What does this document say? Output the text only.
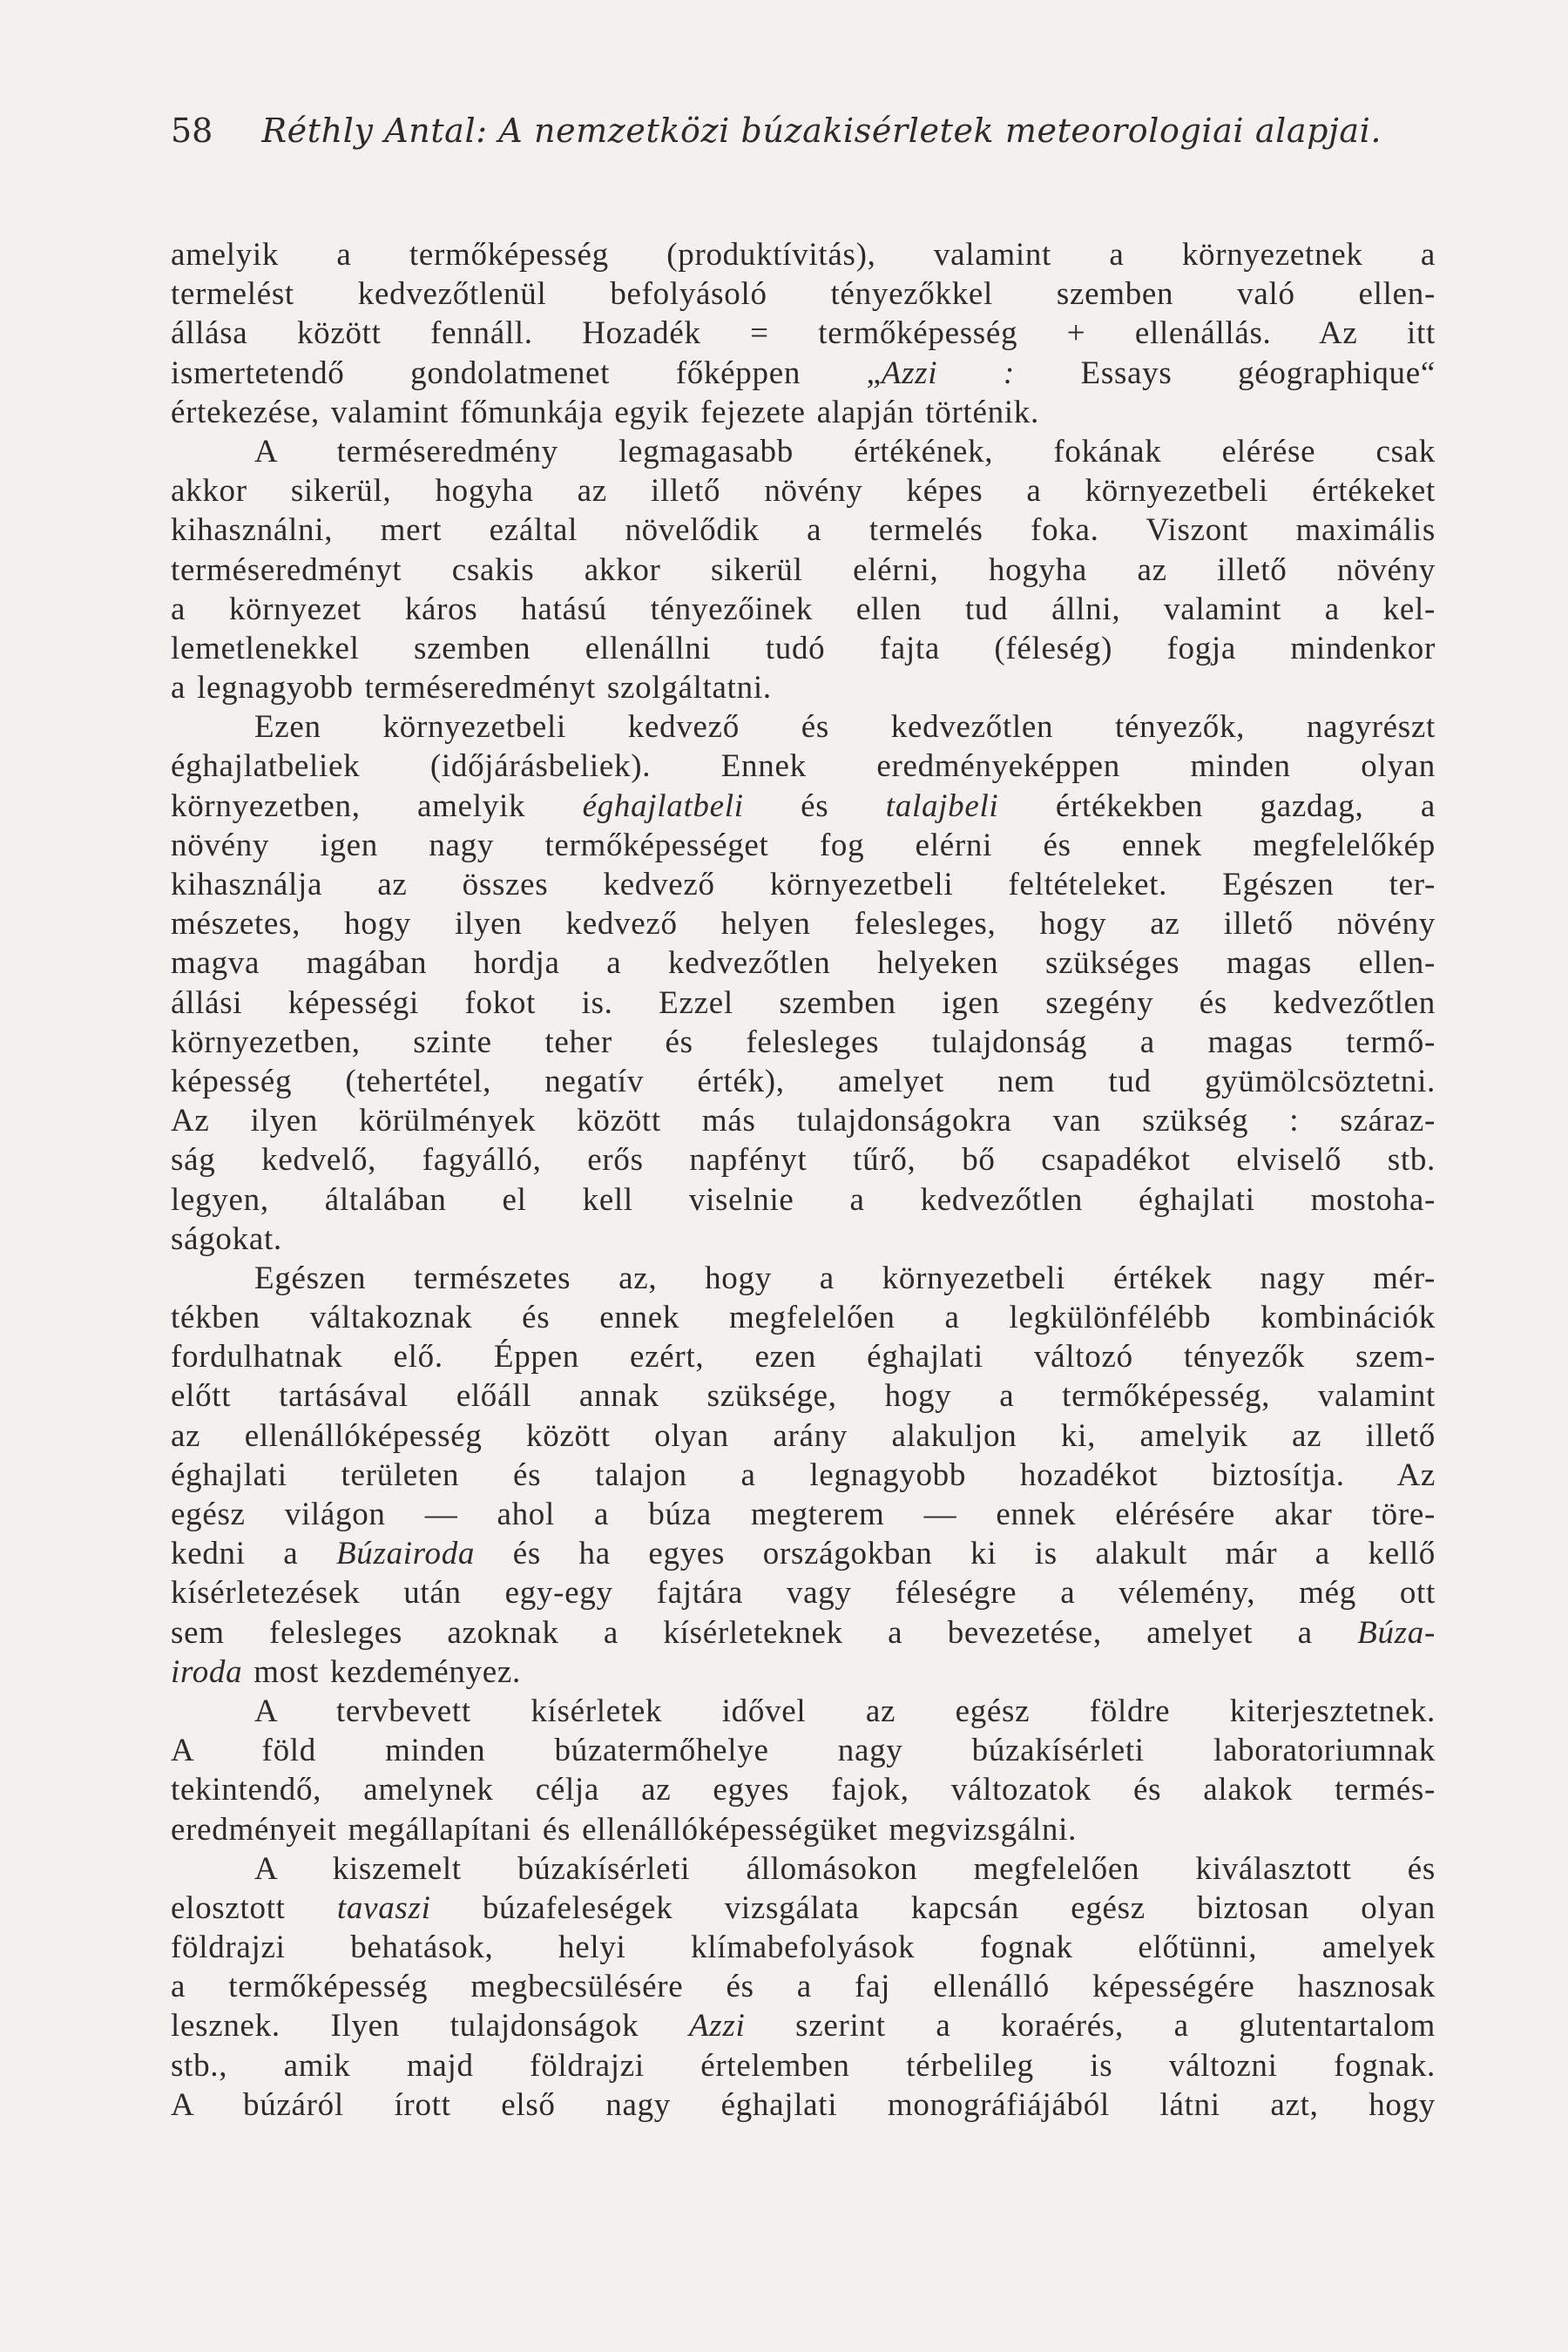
58 Réthly Antal: A nemzetközi búzakisérletek meteorologiai alapjai.
amelyik a termőképesség (produktívitás), valamint a környezetnek a
termelést kedvezőtlenül befolyásoló tényezőkkel szemben való ellen-
állása között fennáll. Hozadék = termőképesség + ellenállás. Az itt
ismertetendő gondolatmenet főképpen „Azzi : Essays géographique“
értekezése, valamint főmunkája egyik fejezete alapján történik.
A terméseredmény legmagasabb értékének, fokának elérése csak
akkor sikerül, hogyha az illető növény képes a környezetbeli értékeket
kihasználni, mert ezáltal növelődik a termelés foka. Viszont maximális
terméseredményt csakis akkor sikerül elérni, hogyha az illető növény
a környezet káros hatású tényezőinek ellen tud állni, valamint a kel-
lemetlenekkel szemben ellenállni tudó fajta (féleség) fogja mindenkor
a legnagyobb terméseredményt szolgáltatni.
Ezen környezetbeli kedvező és kedvezőtlen tényezők, nagyrészt
éghajlatbeliek (időjárásbeliek). Ennek eredményeképpen minden olyan
környezetben, amelyik éghajlatbeli és talajbeli értékekben gazdag, a
növény igen nagy termőképességet fog elérni és ennek megfelelőkép
kihasználja az összes kedvező környezetbeli feltételeket. Egészen ter-
mészetes, hogy ilyen kedvező helyen felesleges, hogy az illető növény
magva magában hordja a kedvezőtlen helyeken szükséges magas ellen-
állási képességi fokot is. Ezzel szemben igen szegény és kedvezőtlen
környezetben, szinte teher és felesleges tulajdonság a magas termő-
képesség (tehertétel, negatív érték), amelyet nem tud gyümölcsöztetni.
Az ilyen körülmények között más tulajdonságokra van szükség : száraz-
ság kedvelő, fagyálló, erős napfényt tűrő, bő csapadékot elviselő stb.
legyen, általában el kell viselnie a kedvezőtlen éghajlati mostoha-
ságokat.
Egészen természetes az, hogy a környezetbeli értékek nagy mér-
tékben váltakoznak és ennek megfelelően a legkülönfélébb kombinációk
fordulhatnak elő. Éppen ezért, ezen éghajlati változó tényezők szem-
előtt tartásával előáll annak szüksége, hogy a termőképesség, valamint
az ellenállóképesség között olyan arány alakuljon ki, amelyik az illető
éghajlati területen és talajon a legnagyobb hozadékot biztosítja. Az
egész világon — ahol a búza megterem — ennek elérésére akar törе-
kedni a Búzairoda és ha egyes országokban ki is alakult már a kellő
kísérletezések után egy-egy fajtára vagy féleségre a vélemény, még ott
sem felesleges azoknak a kísérleteknek a bevezetése, amelyet a Búza-
iroda most kezdeményez.
A tervbevett kísérletek idővel az egész földre kiterjesztetnek.
A föld minden búzatermőhelye nagy búzakísérleti laboratoriumnak
tekintendő, amelynek célja az egyes fajok, változatok és alakok termés-
eredményeit megállapítani és ellenállóképességüket megvizsgálni.
A kiszemelt búzakísérleti állomásokon megfelelően kiválasztott és
elosztott tavaszi búzafeleségek vizsgálata kapcsán egész biztosan olyan
földrajzi behatások, helyi klímabefolyások fognak előtünni, amelyek
a termőképesség megbecsülésére és a faj ellenálló képességére hasznosak
lesznek. Ilyen tulajdonságok Azzi szerint a koraérés, a glutentartalom
stb., amik majd földrajzi értelemben térbelileg is változni fognak.
A búzáról írott első nagy éghajlati monográfiájából látni azt, hogy
